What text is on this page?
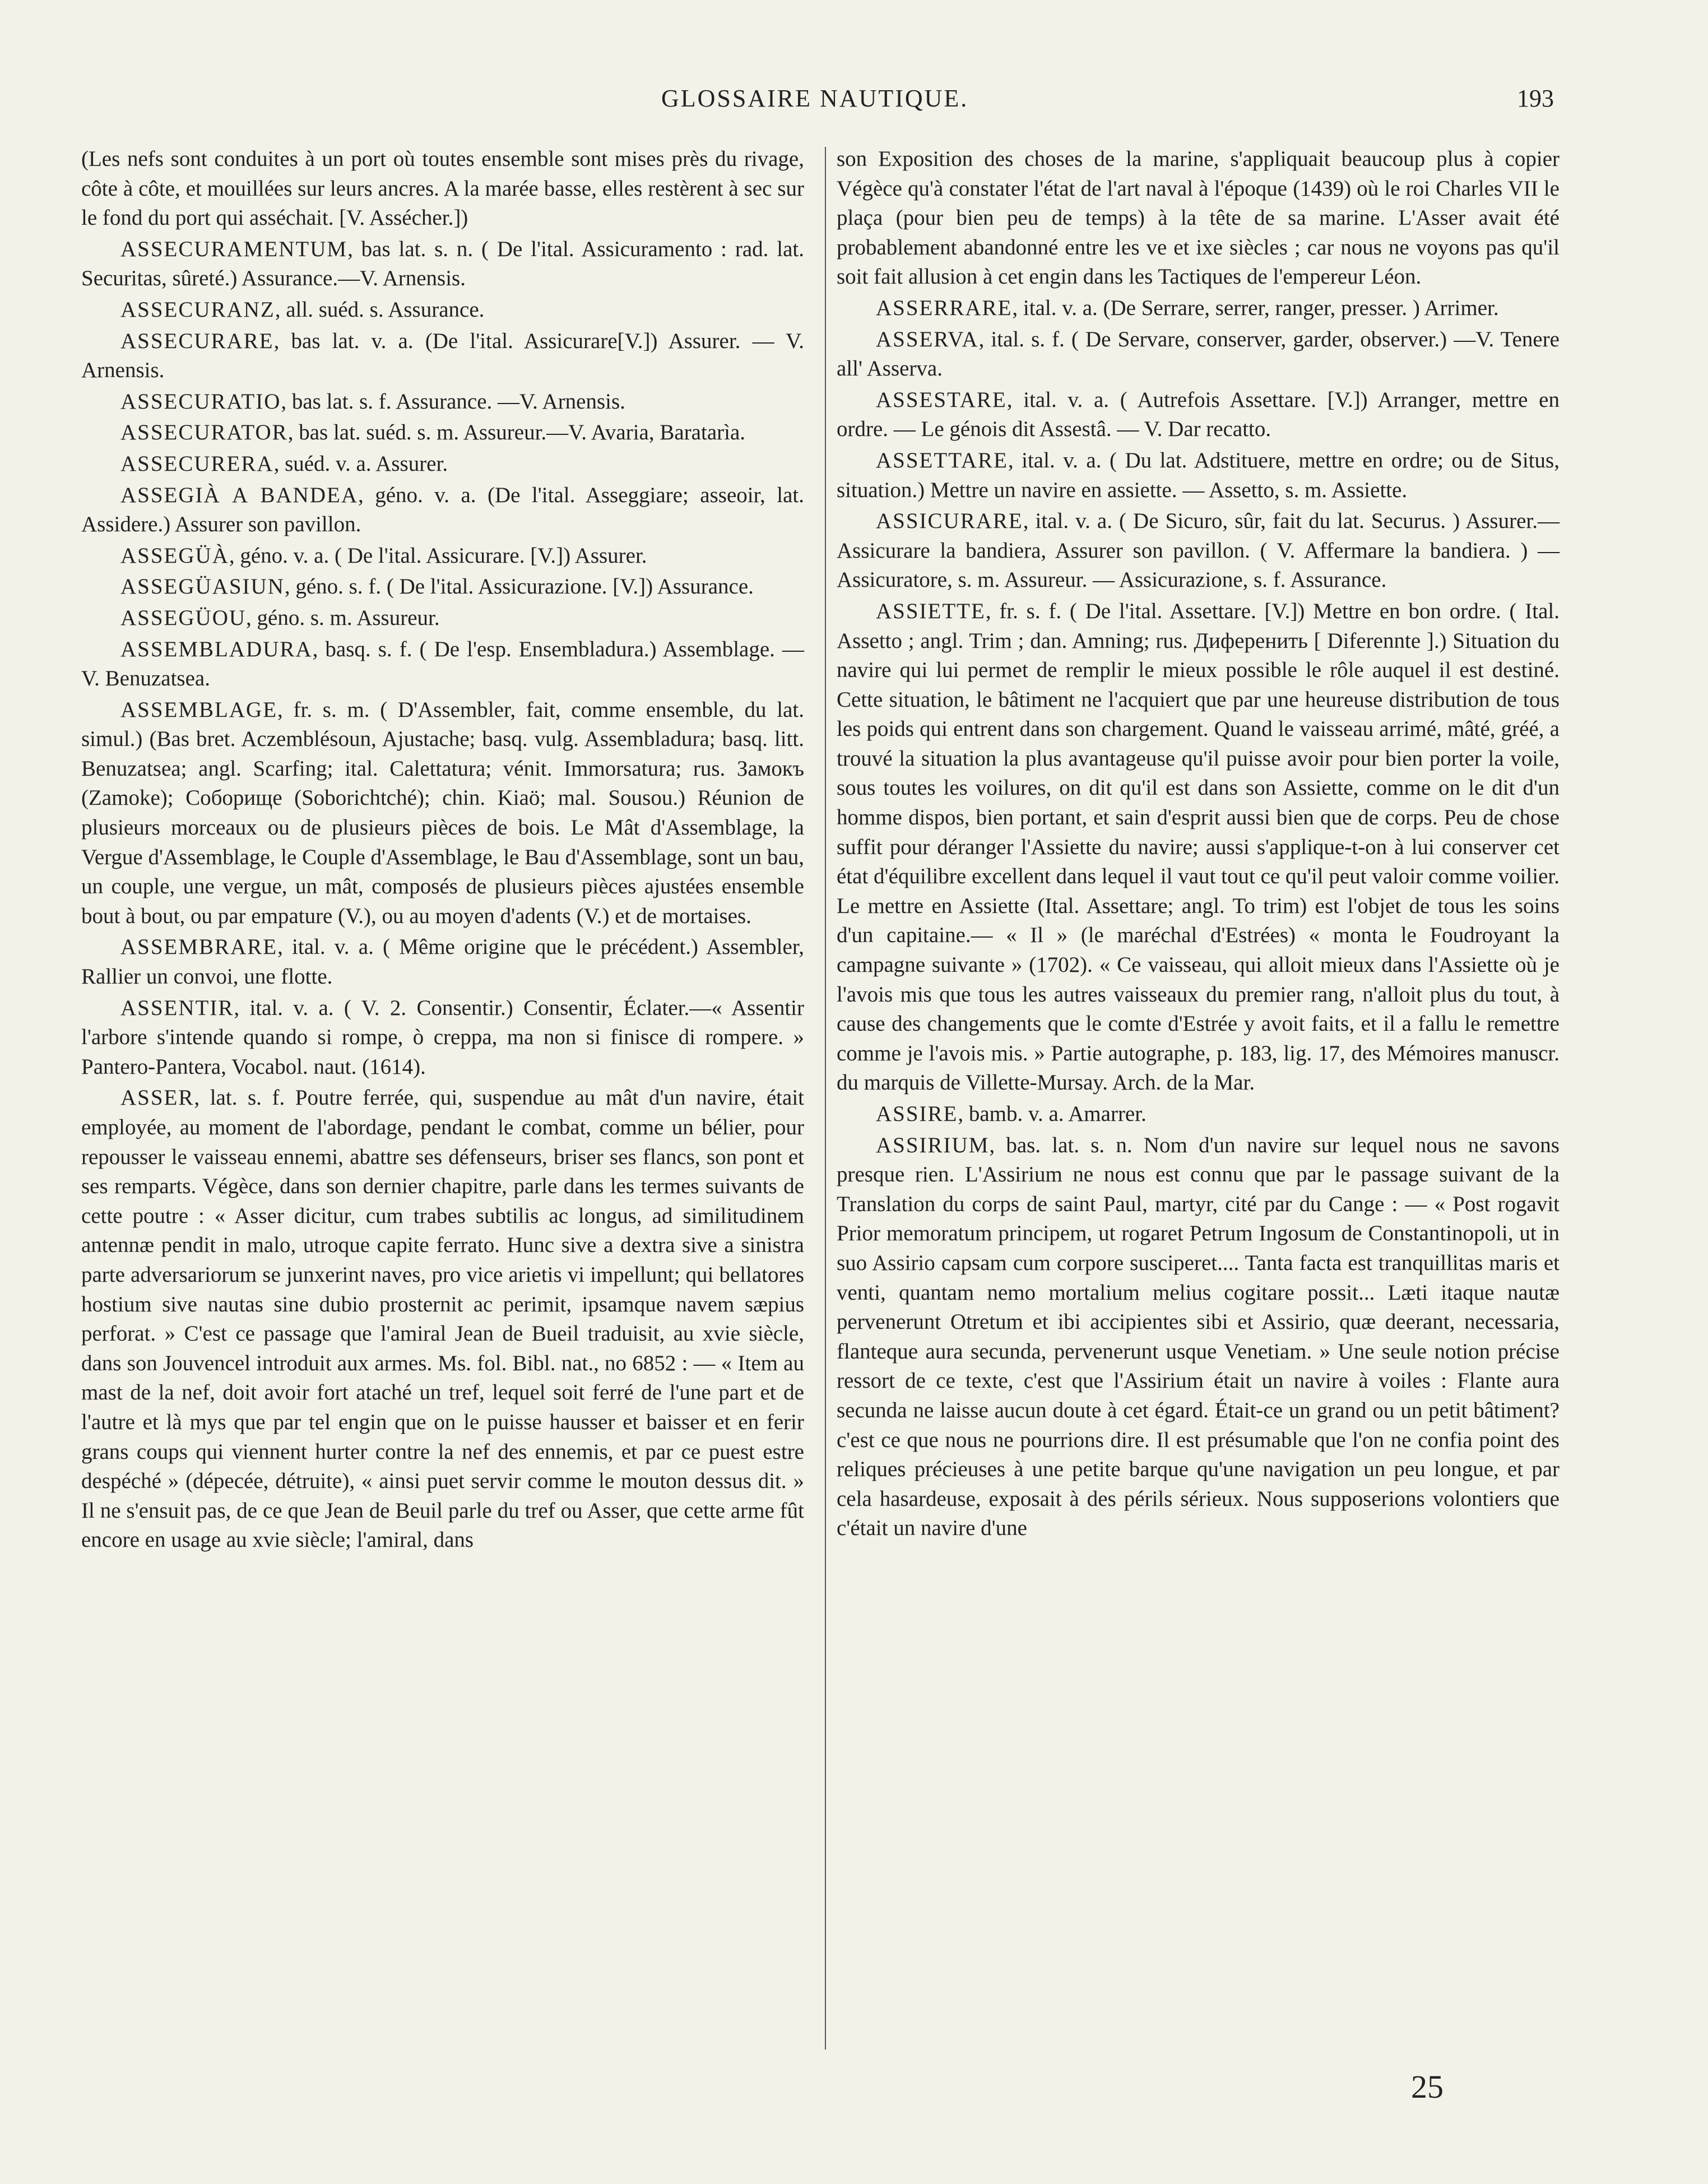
GLOSSAIRE NAUTIQUE.	193

(Les nefs sont conduites à un port où toutes ensemble sont mises près du rivage, côte à côte, et mouillées sur leurs ancres. A la marée basse, elles restèrent à sec sur le fond du port qui asséchait. [V. Assécher.])

ASSECURAMENTUM, bas lat. s. n. ( De l'ital. Assicuramento : rad. lat. Securitas, sûreté.) Assurance.—V. Arnensis.

ASSECURANZ, all. suéd. s. Assurance.

ASSECURARE, bas lat. v. a. (De l'ital. Assicurare[V.]) Assurer. — V. Arnensis.

ASSECURATIO, bas lat. s. f. Assurance. —V. Arnensis.

ASSECURATOR, bas lat. suéd. s. m. Assureur.—V. Avaria, Baratarìa.

ASSECURERA, suéd. v. a. Assurer.

ASSEGIÀ A BANDEA, géno. v. a. (De l'ital. Asseggiare; asseoir, lat. Assidere.) Assurer son pavillon.

ASSEGÜÀ, géno. v. a. ( De l'ital. Assicurare. [V.]) Assurer.

ASSEGÜASIUN, géno. s. f. ( De l'ital. Assicurazione. [V.]) Assurance.

ASSEGÜOU, géno. s. m. Assureur.

ASSEMBLADURA, basq. s. f. ( De l'esp. Ensembladura.) Assemblage. — V. Benuzatsea.

ASSEMBLAGE, fr. s. m. ( D'Assembler, fait, comme ensemble, du lat. simul.) (Bas bret. Aczemblésoun, Ajustache; basq. vulg. Assembladura; basq. litt. Benuzatsea; angl. Scarfing; ital. Calettatura; vénit. Immorsatura; rus. Замокъ (Zamoke); Соборище (Soborichtché); chin. Kiaö; mal. Sousou.) Réunion de plusieurs morceaux ou de plusieurs pièces de bois. Le Mât d'Assemblage, la Vergue d'Assemblage, le Couple d'Assemblage, le Bau d'Assemblage, sont un bau, un couple, une vergue, un mât, composés de plusieurs pièces ajustées ensemble bout à bout, ou par empature (V.), ou au moyen d'adents (V.) et de mortaises.

ASSEMBRARE, ital. v. a. ( Même origine que le précédent.) Assembler, Rallier un convoi, une flotte.

ASSENTIR, ital. v. a. ( V. 2. Consentir.) Consentir, Éclater.—« Assentir l'arbore s'intende quando si rompe, ò creppa, ma non si finisce di rompere. » Pantero-Pantera, Vocabol. naut. (1614).

ASSER, lat. s. f. Poutre ferrée, qui, suspendue au mât d'un navire, était employée, au moment de l'abordage, pendant le combat, comme un bélier, pour repousser le vaisseau ennemi, abattre ses défenseurs, briser ses flancs, son pont et ses remparts. Végèce, dans son dernier chapitre, parle dans les termes suivants de cette poutre : « Asser dicitur, cum trabes subtilis ac longus, ad similitudinem antennæ pendit in malo, utroque capite ferrato. Hunc sive a dextra sive a sinistra parte adversariorum se junxerint naves, pro vice arietis vi impellunt; qui bellatores hostium sive nautas sine dubio prosternit ac perimit, ipsamque navem sæpius perforat. » C'est ce passage que l'amiral Jean de Bueil traduisit, au xvie siècle, dans son Jouvencel introduit aux armes. Ms. fol. Bibl. nat., no 6852 : — « Item au mast de la nef, doit avoir fort ataché un tref, lequel soit ferré de l'une part et de l'autre et là mys que par tel engin que on le puisse hausser et baisser et en ferir grans coups qui viennent hurter contre la nef des ennemis, et par ce puest estre despéché » (dépecée, détruite), « ainsi puet servir comme le mouton dessus dit. » Il ne s'ensuit pas, de ce que Jean de Beuil parle du tref ou Asser, que cette arme fût encore en usage au xvie siècle; l'amiral, dans

son Exposition des choses de la marine, s'appliquait beaucoup plus à copier Végèce qu'à constater l'état de l'art naval à l'époque (1439) où le roi Charles VII le plaça (pour bien peu de temps) à la tête de sa marine. L'Asser avait été probablement abandonné entre les ve et ixe siècles ; car nous ne voyons pas qu'il soit fait allusion à cet engin dans les Tactiques de l'empereur Léon.

ASSERRARE, ital. v. a. (De Serrare, serrer, ranger, presser. ) Arrimer.

ASSERVA, ital. s. f. ( De Servare, conserver, garder, observer.) —V. Tenere all' Asserva.

ASSESTARE, ital. v. a. ( Autrefois Assettare. [V.]) Arranger, mettre en ordre. — Le génois dit Assestâ. — V. Dar recatto.

ASSETTARE, ital. v. a. ( Du lat. Adstituere, mettre en ordre; ou de Situs, situation.) Mettre un navire en assiette. — Assetto, s. m. Assiette.

ASSICURARE, ital. v. a. ( De Sicuro, sûr, fait du lat. Securus. ) Assurer.— Assicurare la bandiera, Assurer son pavillon. ( V. Affermare la bandiera. ) — Assicuratore, s. m. Assureur. — Assicurazione, s. f. Assurance.

ASSIETTE, fr. s. f. ( De l'ital. Assettare. [V.]) Mettre en bon ordre. ( Ital. Assetto ; angl. Trim ; dan. Amning; rus. Диференить [ Diferennte ].) Situation du navire qui lui permet de remplir le mieux possible le rôle auquel il est destiné. Cette situation, le bâtiment ne l'acquiert que par une heureuse distribution de tous les poids qui entrent dans son chargement. Quand le vaisseau arrimé, mâté, gréé, a trouvé la situation la plus avantageuse qu'il puisse avoir pour bien porter la voile, sous toutes les voilures, on dit qu'il est dans son Assiette, comme on le dit d'un homme dispos, bien portant, et sain d'esprit aussi bien que de corps. Peu de chose suffit pour déranger l'Assiette du navire; aussi s'applique-t-on à lui conserver cet état d'équilibre excellent dans lequel il vaut tout ce qu'il peut valoir comme voilier. Le mettre en Assiette (Ital. Assettare; angl. To trim) est l'objet de tous les soins d'un capitaine.— « Il » (le maréchal d'Estrées) « monta le Foudroyant la campagne suivante » (1702). « Ce vaisseau, qui alloit mieux dans l'Assiette où je l'avois mis que tous les autres vaisseaux du premier rang, n'alloit plus du tout, à cause des changements que le comte d'Estrée y avoit faits, et il a fallu le remettre comme je l'avois mis. » Partie autographe, p. 183, lig. 17, des Mémoires manuscr. du marquis de Villette-Mursay. Arch. de la Mar.

ASSIRE, bamb. v. a. Amarrer.

ASSIRIUM, bas. lat. s. n. Nom d'un navire sur lequel nous ne savons presque rien. L'Assirium ne nous est connu que par le passage suivant de la Translation du corps de saint Paul, martyr, cité par du Cange : — « Post rogavit Prior memoratum principem, ut rogaret Petrum Ingosum de Constantinopoli, ut in suo Assirio capsam cum corpore susciperet.... Tanta facta est tranquillitas maris et venti, quantam nemo mortalium melius cogitare possit... Læti itaque nautæ pervenerunt Otretum et ibi accipientes sibi et Assirio, quæ deerant, necessaria, flanteque aura secunda, pervenerunt usque Venetiam. » Une seule notion précise ressort de ce texte, c'est que l'Assirium était un navire à voiles : Flante aura secunda ne laisse aucun doute à cet égard. Était-ce un grand ou un petit bâtiment? c'est ce que nous ne pourrions dire. Il est présumable que l'on ne confia point des reliques précieuses à une petite barque qu'une navigation un peu longue, et par cela hasardeuse, exposait à des périls sérieux. Nous supposerions volontiers que c'était un navire d'une

25
